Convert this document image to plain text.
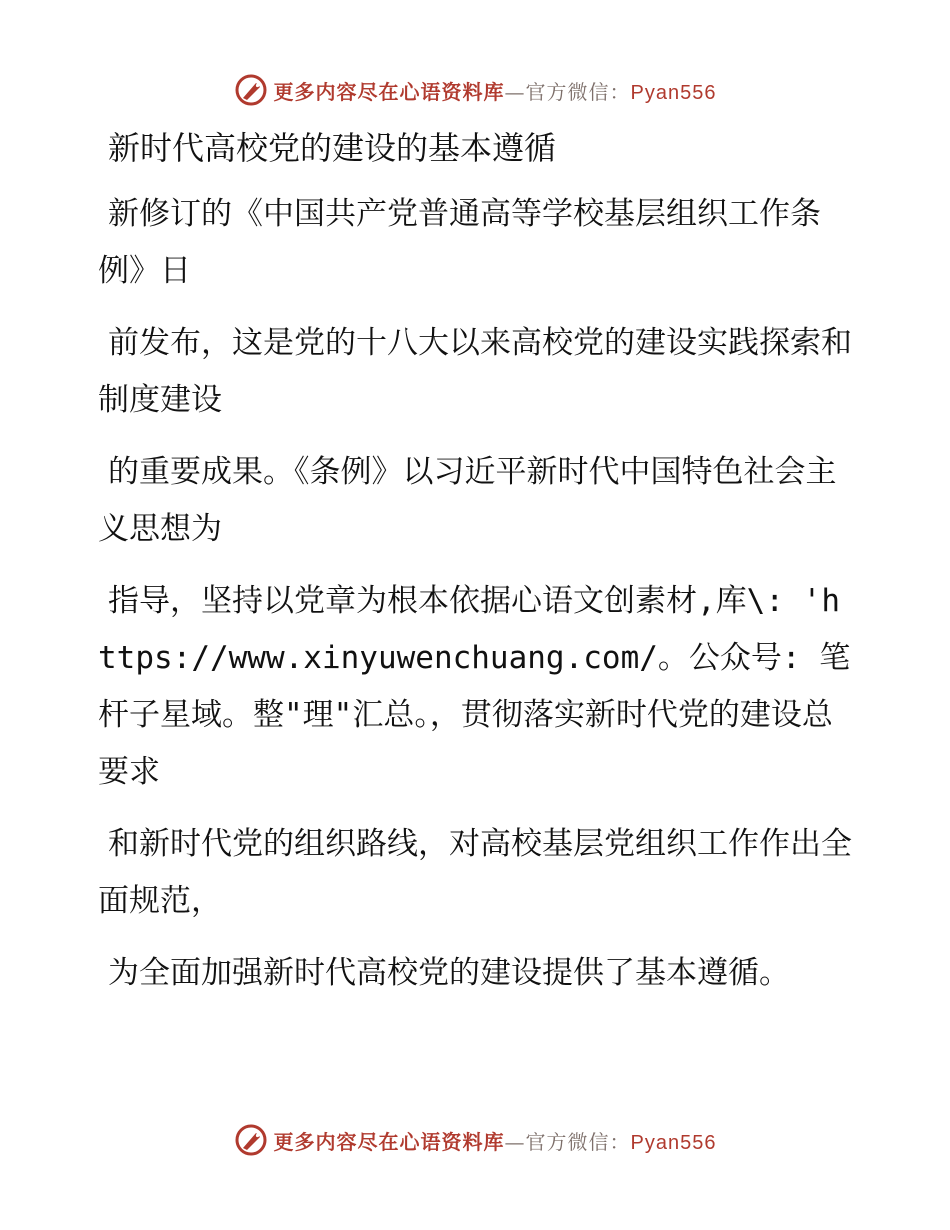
更多内容尽在心语资料库—官方微信：Pyan556
新时代高校党的建设的基本遵循

新修订的《中国共产党普通高等学校基层组织工作条例》日

前发布，这是党的十八大以来高校党的建设实践探索和制度建设

的重要成果。《条例》以习近平新时代中国特色社会主义思想为

指导，坚持以党章为根本依据心语文创素材,库\: 'https://www.xinyuwenchuang.com/。公众号: 笔杆子星域。整"理"汇总。，贯彻落实新时代党的建设总要求

和新时代党的组织路线，对高校基层党组织工作作出全面规范，

为全面加强新时代高校党的建设提供了基本遵循。

更多内容尽在心语资料库—官方微信：Pyan556
